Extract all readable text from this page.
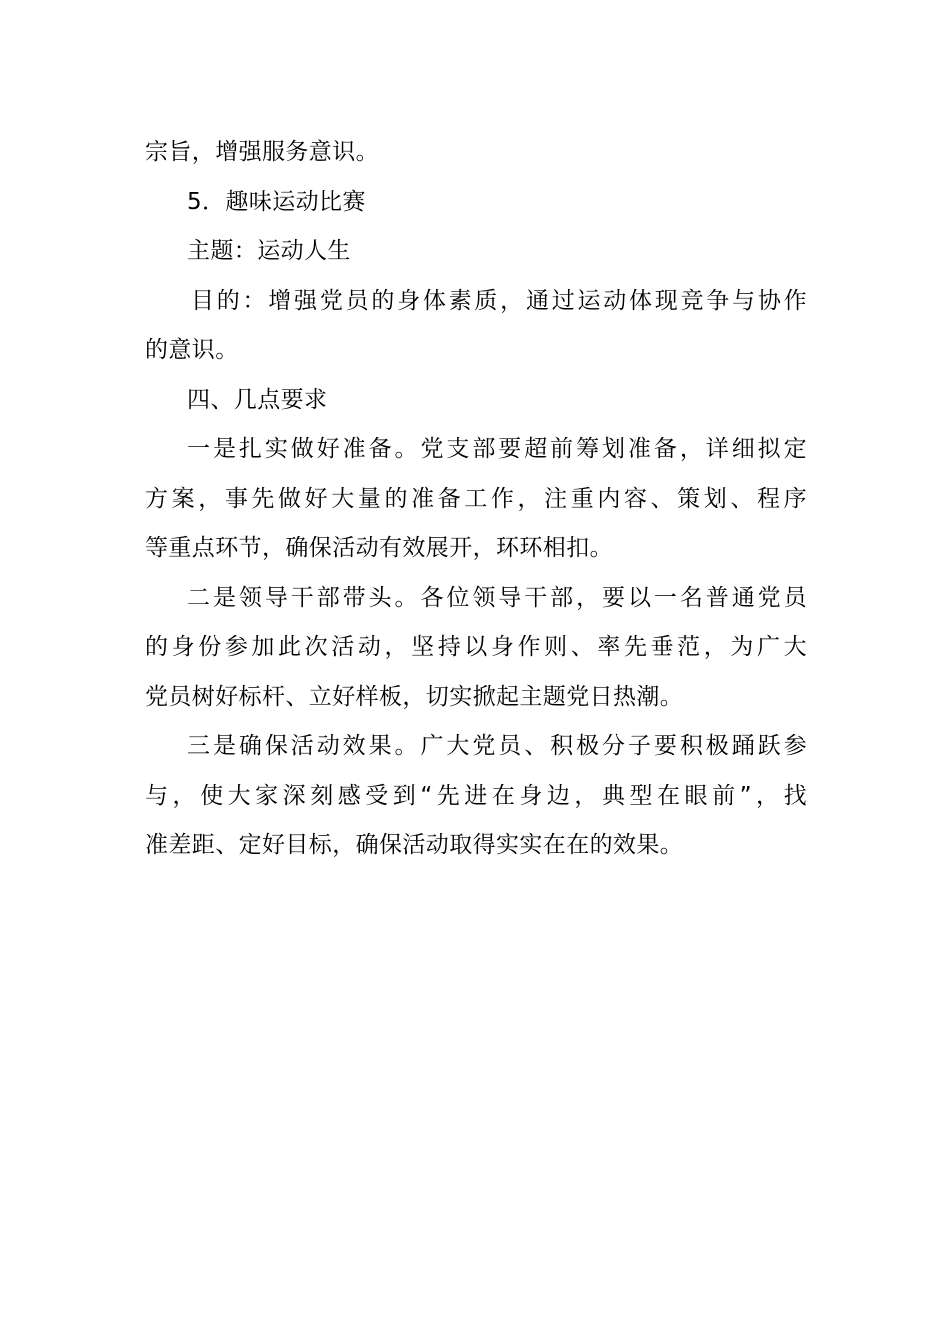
宗旨，增强服务意识。
5．趣味运动比赛
主题：运动人生
目的：增强党员的身体素质，通过运动体现竞争与协作
的意识。
四、几点要求
一是扎实做好准备。党支部要超前筹划准备，详细拟定
方案，事先做好大量的准备工作，注重内容、策划、程序
等重点环节，确保活动有效展开，环环相扣。
二是领导干部带头。各位领导干部，要以一名普通党员
的身份参加此次活动，坚持以身作则、率先垂范，为广大
党员树好标杆、立好样板，切实掀起主题党日热潮。
三是确保活动效果。广大党员、积极分子要积极踊跃参
与，使大家深刻感受到“先进在身边，典型在眼前”，找
准差距、定好目标，确保活动取得实实在在的效果。
